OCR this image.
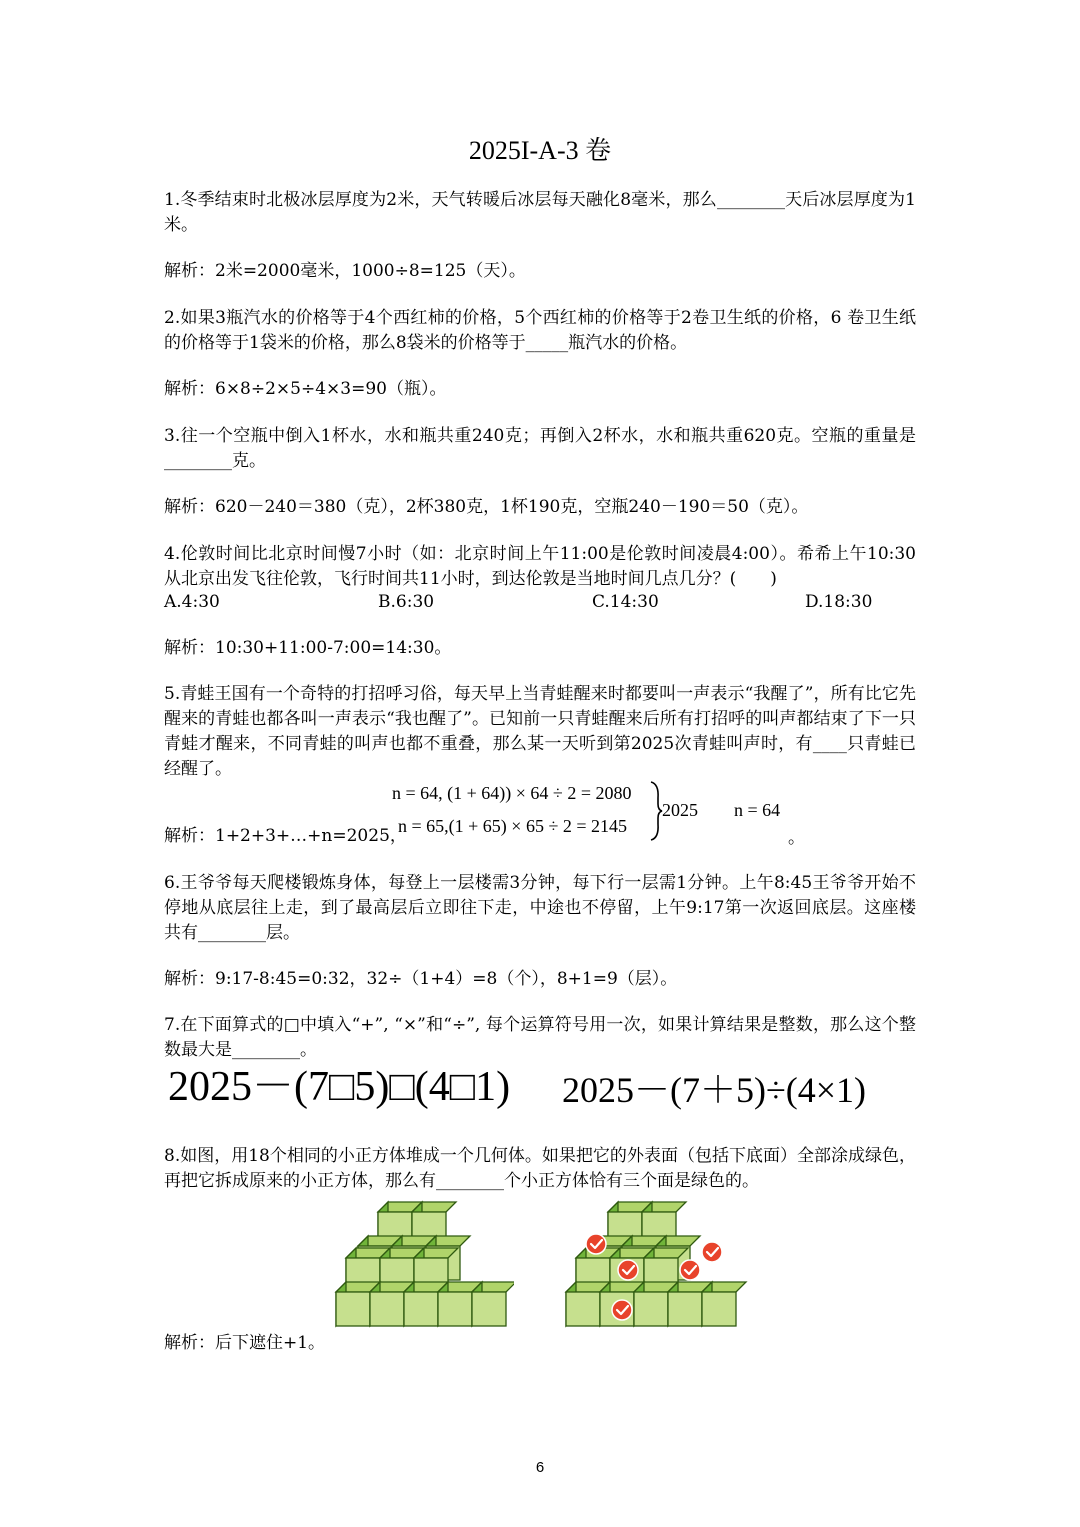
2025I-A-3 卷
1.冬季结束时北极冰层厚度为2米，天气转暖后冰层每天融化8毫米，那么________天后冰层厚度为1米。
解析：2米=2000毫米，1000÷8=125（天）。
2.如果3瓶汽水的价格等于4个西红柿的价格，5个西红柿的价格等于2卷卫生纸的价格，6 卷卫生纸的价格等于1袋米的价格，那么8袋米的价格等于_____瓶汽水的价格。
解析：6×8÷2×5÷4×3=90（瓶）。
3.往一个空瓶中倒入1杯水，水和瓶共重240克；再倒入2杯水，水和瓶共重620克。空瓶的重量是________克。
解析：620－240＝380（克），2杯380克，1杯190克，空瓶240－190＝50（克）。
4.伦敦时间比北京时间慢7小时（如：北京时间上午11:00是伦敦时间凌晨4:00）。希希上午10:30 从北京出发飞往伦敦，飞行时间共11小时，到达伦敦是当地时间几点几分？(　　)
A.4:30	B.6:30	C.14:30	D.18:30
解析：10:30+11:00-7:00=14:30。
5.青蛙王国有一个奇特的打招呼习俗，每天早上当青蛙醒来时都要叫一声表示“我醒了”，所有比它先醒来的青蛙也都各叫一声表示“我也醒了”。已知前一只青蛙醒来后所有打招呼的叫声都结束了下一只青蛙才醒来，不同青蛙的叫声也都不重叠，那么某一天听到第2025次青蛙叫声时，有____只青蛙已经醒了。
解析：1+2+3+…+n=2025，
n = 64, (1 + 64)) × 64 ÷ 2 = 2080
n = 65,(1 + 65) × 65 ÷ 2 = 2145
2025 n = 64
。
6.王爷爷每天爬楼锻炼身体，每登上一层楼需3分钟，每下行一层需1分钟。上午8:45王爷爷开始不停地从底层往上走，到了最高层后立即往下走，中途也不停留，上午9:17第一次返回底层。这座楼共有________层。
解析：9:17-8:45=0:32，32÷（1+4）=8（个），8+1=9（层）。
7.在下面算式的□中填入“+”, “×”和“÷”, 每个运算符号用一次，如果计算结果是整数，那么这个整数最大是________。
2025－(7□5)□(4□1) 2025－(7＋5)÷(4×1)
8.如图，用18个相同的小正方体堆成一个几何体。如果把它的外表面（包括下底面）全部涂成绿色，再把它拆成原来的小正方体，那么有________个小正方体恰有三个面是绿色的。
解析：后下遮住+1。
6
